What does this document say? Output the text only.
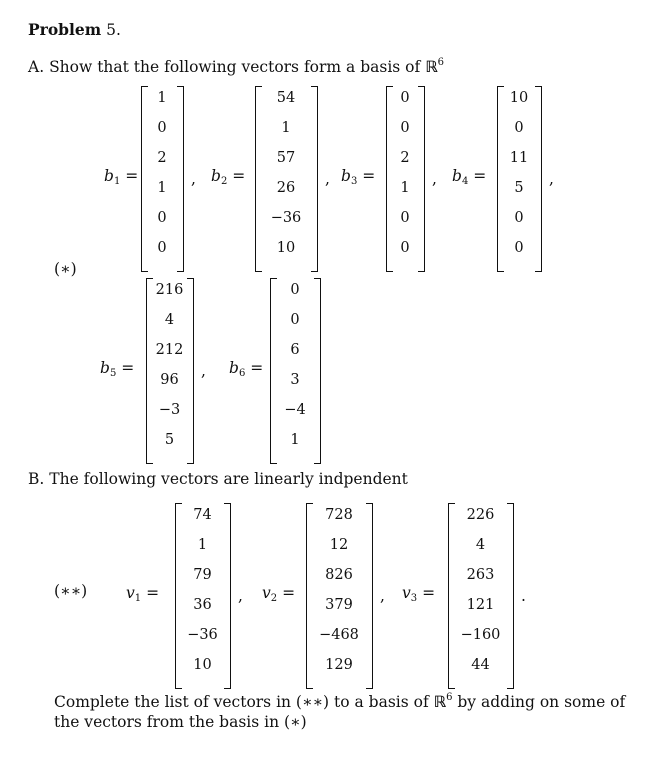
Problem 5.
A. Show that the following vectors form a basis of ℝ$^6$
(∗)
$b_1$ =
1
0
2
1
0
0
, $b_2$ =
54
1
57
26
−36
10
, $b_3$ =
0
0
2
1
0
0
, $b_4$ =
10
0
11
5
0
0
,
$b_5$ =
216
4
212
96
−3
5
, $b_6$ =
0
0
6
3
−4
1
B. The following vectors are linearly indpendent
(∗∗)	$v_1$ =
74
1
79
36
−36
10
, $v_2$ =
728
12
826
379
−468
129
, $v_3$ =
226
4
263
121
−160
44
.
Complete the list of vectors in (∗∗) to a basis of ℝ$^6$ by adding on some of
the vectors from the basis in (∗)
